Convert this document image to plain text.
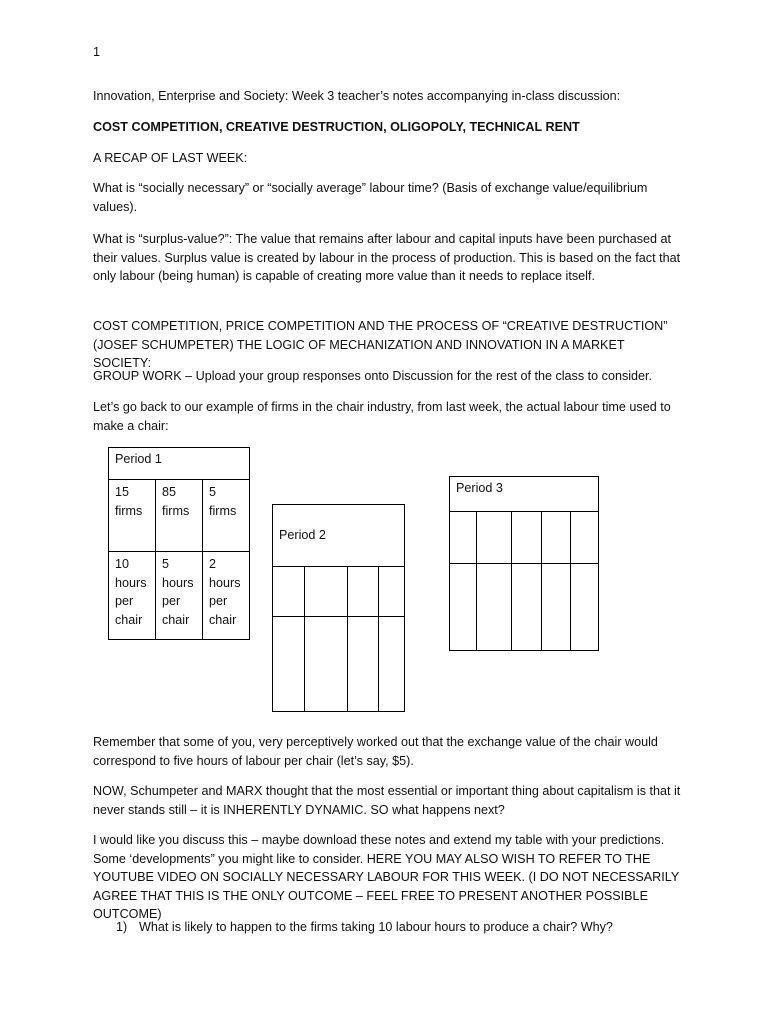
1

Innovation, Enterprise and Society: Week 3 teacher’s notes accompanying in-class discussion:

COST COMPETITION, CREATIVE DESTRUCTION, OLIGOPOLY, TECHNICAL RENT

A RECAP OF LAST WEEK:

What is “socially necessary” or “socially average” labour time? (Basis of exchange value/equilibrium values).

What is “surplus-value?”: The value that remains after labour and capital inputs have been purchased at their values. Surplus value is created by labour in the process of production. This is based on the fact that only labour (being human) is capable of creating more value than it needs to replace itself.

COST COMPETITION, PRICE COMPETITION AND THE PROCESS OF “CREATIVE DESTRUCTION” (JOSEF SCHUMPETER) THE LOGIC OF MECHANIZATION AND INNOVATION IN A MARKET SOCIETY:

GROUP WORK – Upload your group responses onto Discussion for the rest of the class to consider.

Let’s go back to our example of firms in the chair industry, from last week, the actual labour time used to make a chair:

Period 1		
15 firms	85 firms	5 firms
10 hours per chair	5 hours per chair	2 hours per chair
Period 2			

Period 3				

Remember that some of you, very perceptively worked out that the exchange value of the chair would correspond to five hours of labour per chair (let’s say, $5).

NOW, Schumpeter and MARX thought that the most essential or important thing about capitalism is that it never stands still – it is INHERENTLY DYNAMIC. SO what happens next?

I would like you discuss this – maybe download these notes and extend my table with your predictions. Some ‘developments” you might like to consider. HERE YOU MAY ALSO WISH TO REFER TO THE YOUTUBE VIDEO ON SOCIALLY NECESSARY LABOUR FOR THIS WEEK. (I DO NOT NECESSARILY AGREE THAT THIS IS THE ONLY OUTCOME – FEEL FREE TO PRESENT ANOTHER POSSIBLE OUTCOME)

1) What is likely to happen to the firms taking 10 labour hours to produce a chair? Why?
